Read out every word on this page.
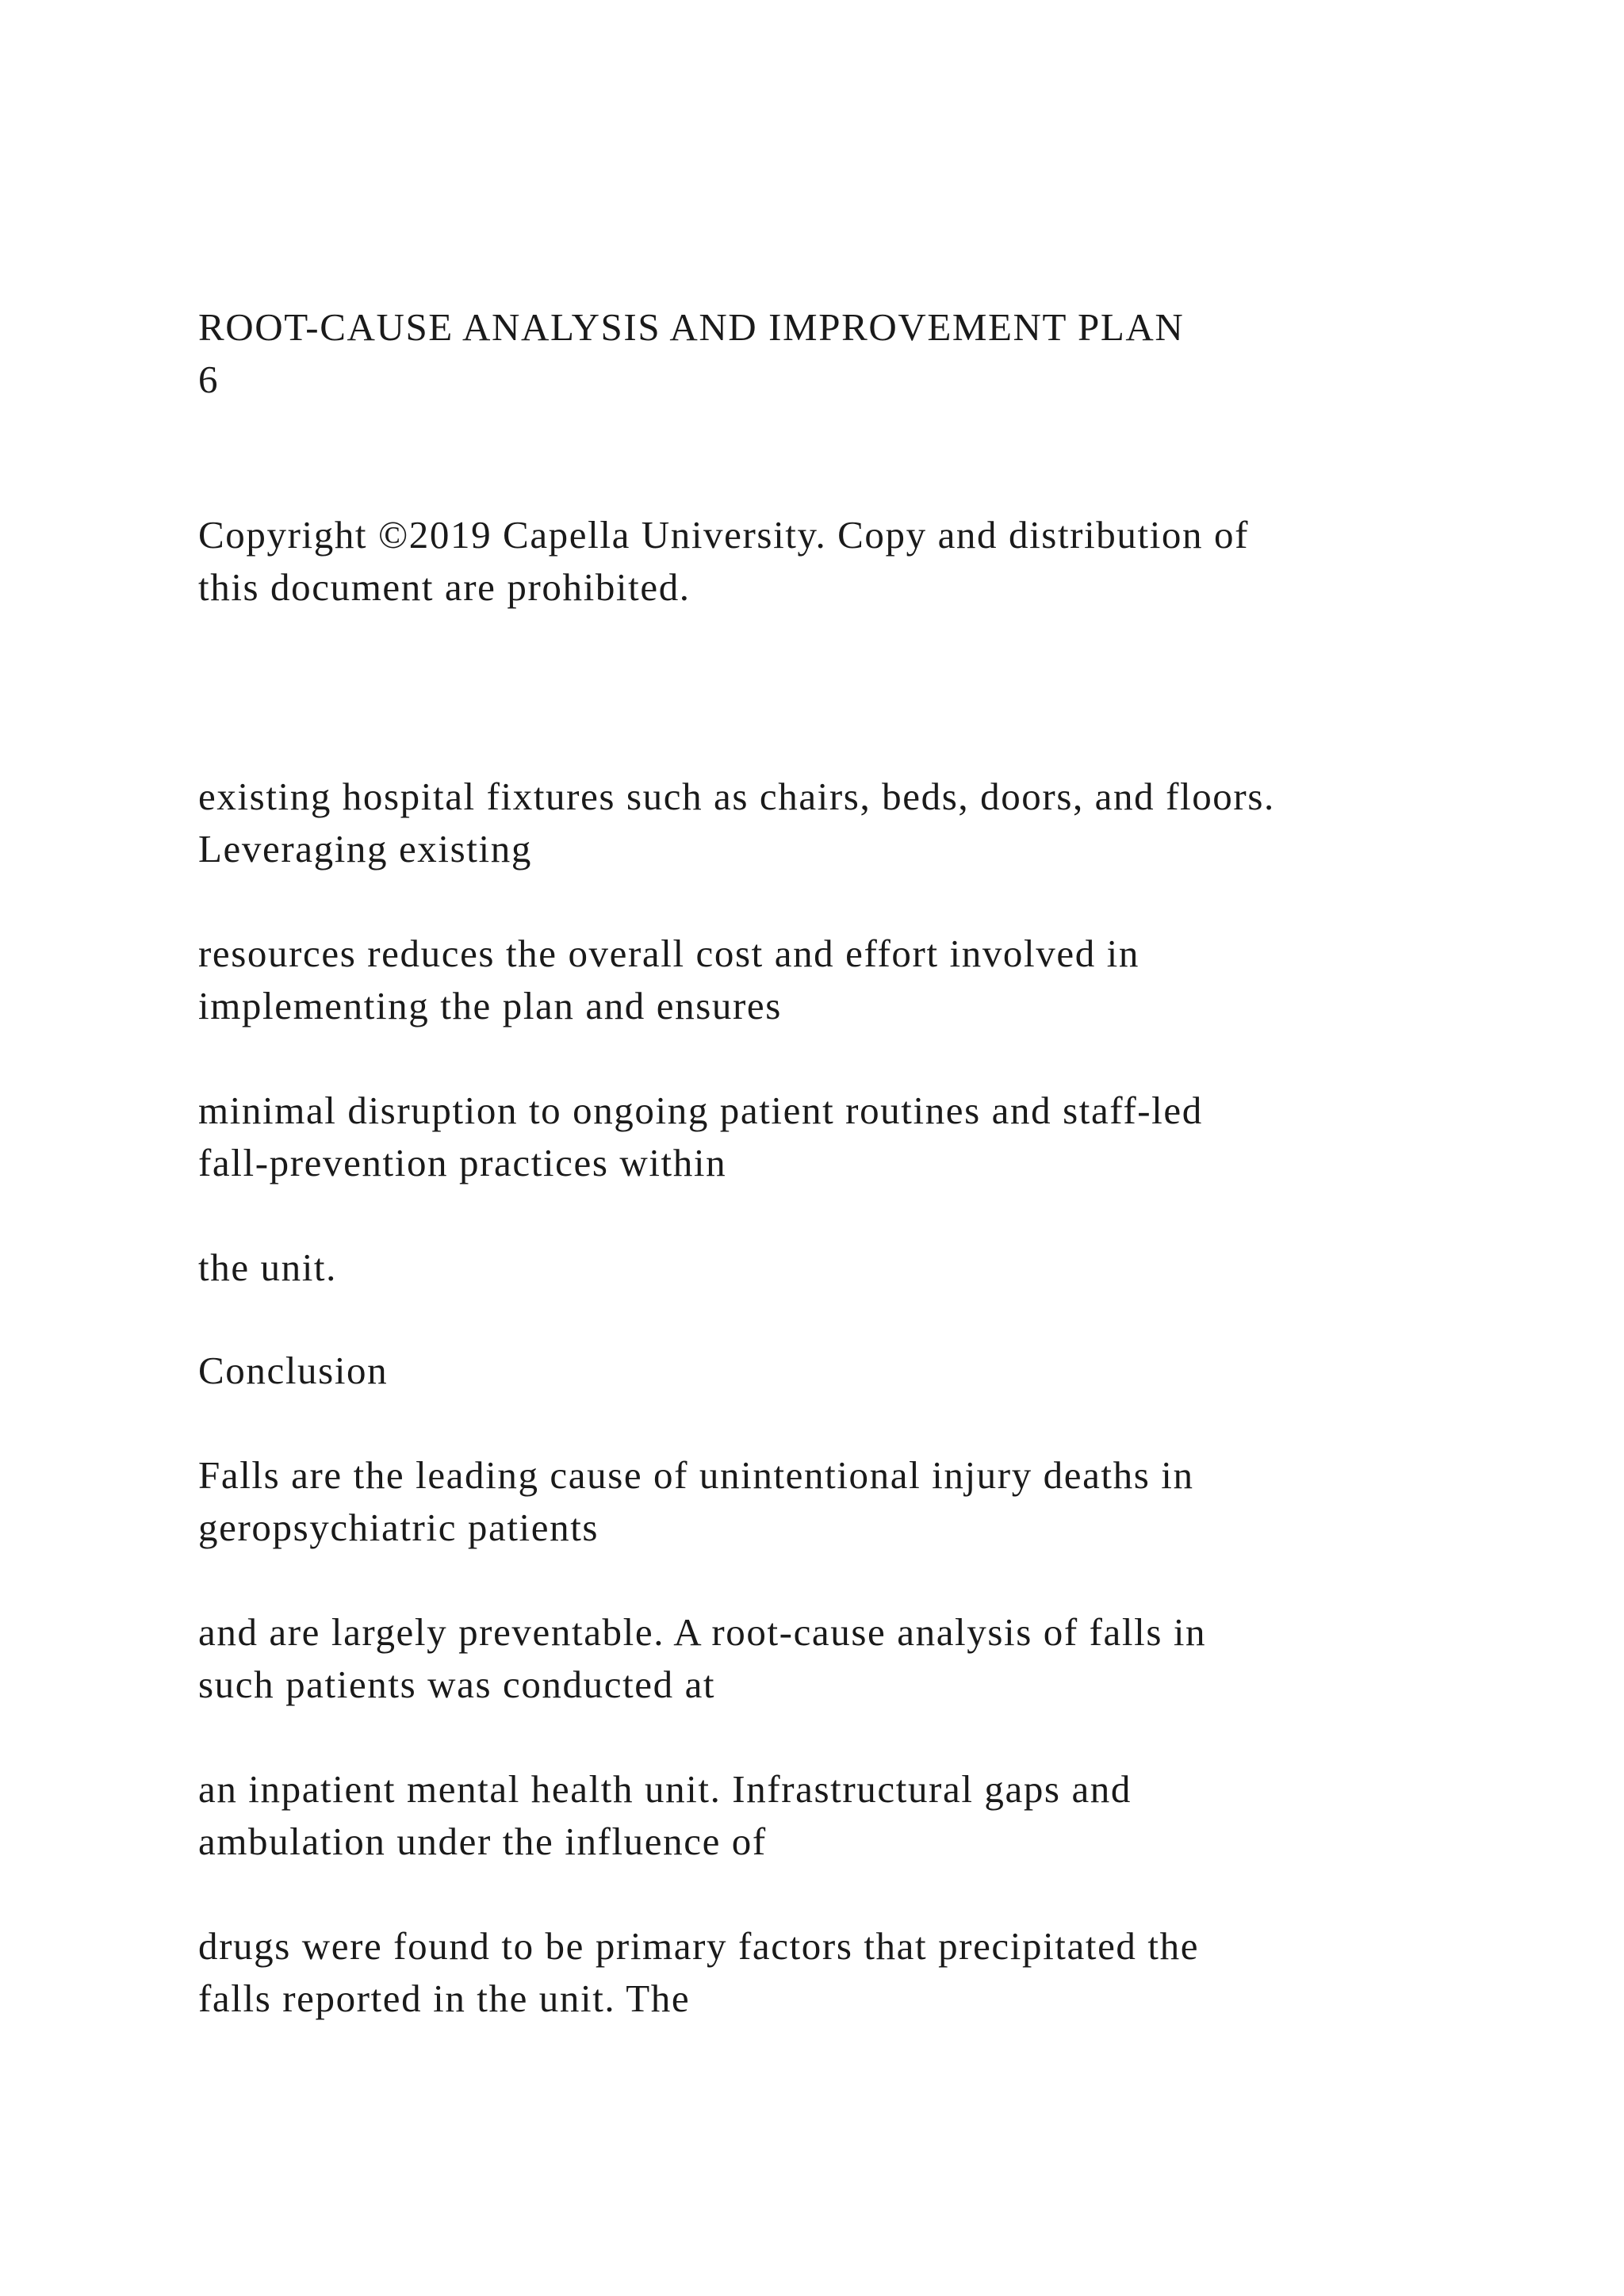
ROOT-CAUSE ANALYSIS AND IMPROVEMENT PLAN
6
Copyright ©2019 Capella University. Copy and distribution of
this document are prohibited.
existing hospital fixtures such as chairs, beds, doors, and floors.
Leveraging existing
resources reduces the overall cost and effort involved in
implementing the plan and ensures
minimal disruption to ongoing patient routines and staff-led
fall-prevention practices within
the unit.
Conclusion
Falls are the leading cause of unintentional injury deaths in
geropsychiatric patients
and are largely preventable. A root-cause analysis of falls in
such patients was conducted at
an inpatient mental health unit. Infrastructural gaps and
ambulation under the influence of
drugs were found to be primary factors that precipitated the
falls reported in the unit. The
